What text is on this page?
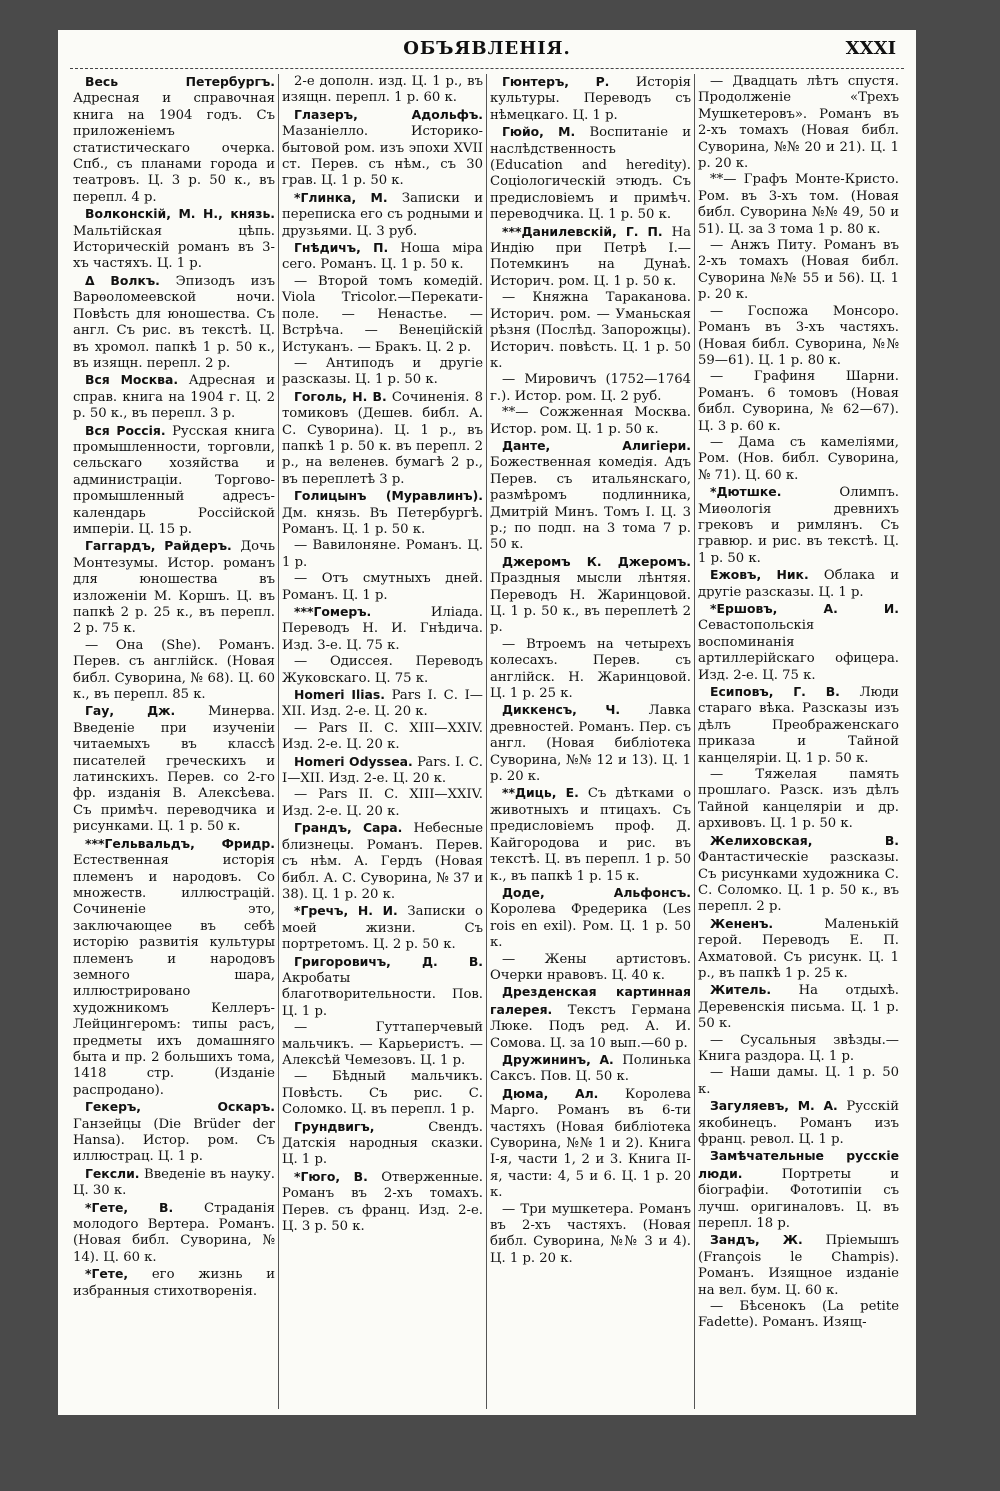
ОБЪЯВЛЕНІЯ.	XXXI

Весь Петербургъ. Адресная и справочная книга на 1904 годъ. Съ приложеніемъ статистическаго очерка. Спб., съ планами города и театровъ. Ц. 3 р. 50 к., въ перепл. 4 р.

Волконскій, М. Н., князь. Мальтійская цѣпь. Историческій романъ въ 3-хъ частяхъ. Ц. 1 р.

Δ Волкъ. Эпизодъ изъ Варѳоломеевской ночи. Повѣсть для юношества. Съ англ. Съ рис. въ текстѣ. Ц. въ хромол. папкѣ 1 р. 50 к., въ изящн. перепл. 2 р.

Вся Москва. Адресная и справ. книга на 1904 г. Ц. 2 р. 50 к., въ перепл. 3 р.

Вся Россія. Русская книга промышленности, торговли, сельскаго хозяйства и администраціи. Торгово-промышленный адресъ-календарь Россійской имперіи. Ц. 15 р.

Гаггардъ, Райдеръ. Дочь Монтезумы. Истор. романъ для юношества въ изложеніи М. Коршъ. Ц. въ папкѣ 2 р. 25 к., въ перепл. 2 р. 75 к.

— Она (She). Романъ. Перев. съ англійск. (Новая библ. Суворина, № 68). Ц. 60 к., въ перепл. 85 к.

Гау, Дж. Минерва. Введеніе при изученіи читаемыхъ въ классѣ писателей греческихъ и латинскихъ. Перев. со 2-го фр. изданія В. Алексѣева. Съ примѣч. переводчика и рисунками. Ц. 1 р. 50 к.

***Гельвальдъ, Фридр. Естественная исторія племенъ и народовъ. Со множеств. иллюстрацій. Сочиненіе это, заключающее въ себѣ исторію развитія культуры племенъ и народовъ земного шара, иллюстрировано художникомъ Келлеръ-Лейцингеромъ: типы расъ, предметы ихъ домашняго быта и пр. 2 большихъ тома, 1418 стр. (Изданіе распродано).

Гекеръ, Оскаръ. Ганзейцы (Die Brüder der Hansa). Истор. ром. Съ иллюстрац. Ц. 1 р.

Гексли. Введеніе въ науку. Ц. 30 к.

*Гете, В. Страданія молодого Вертера. Романъ. (Новая библ. Суворина, № 14). Ц. 60 к.

*Гете, его жизнь и избранныя стихотворенія.

2-е дополн. изд. Ц. 1 р., въ изящн. перепл. 1 р. 60 к.

Глазеръ, Адольфъ. Мазаніелло. Историко-бытовой ром. изъ эпохи XVII ст. Перев. съ нѣм., съ 30 грав. Ц. 1 р. 50 к.

*Глинка, М. Записки и переписка его съ родными и друзьями. Ц. 3 руб.

Гнѣдичъ, П. Ноша міра сего. Романъ. Ц. 1 р. 50 к.

— Второй томъ комедій. Viola Tricolor.—Перекати-поле. — Ненастье. — Встрѣча. — Венеційскій Истуканъ. — Бракъ. Ц. 2 р.

— Антиподъ и другіе разсказы. Ц. 1 р. 50 к.

Гоголь, Н. В. Сочиненія. 8 томиковъ (Дешев. библ. А. С. Суворина). Ц. 1 р., въ папкѣ 1 р. 50 к. въ перепл. 2 р., на веленев. бумагѣ 2 р., въ переплетѣ 3 р.

Голицынъ (Муравлинъ). Дм. князь. Въ Петербургѣ. Романъ. Ц. 1 р. 50 к.

— Вавилоняне. Романъ. Ц. 1 р.

— Отъ смутныхъ дней. Романъ. Ц. 1 р.

***Гомеръ.	Иліада. Переводъ Н. И. Гнѣдича. Изд. 3-е. Ц. 75 к.

— Одиссея. Переводъ Жуковскаго. Ц. 75 к.

Homeri Ilias. Pars I. С. I—XII. Изд. 2-е. Ц. 20 к.

— Pars II. С. XIII—XXIV. Изд. 2-е. Ц. 20 к.

Homeri Odyssea. Pars. I. С. I—XII. Изд. 2-е. Ц. 20 к.

— Pars II. С. XIII—XXIV. Изд. 2-е. Ц. 20 к.

Грандъ, Сара. Небесные близнецы. Романъ. Перев. съ нѣм. А. Гердъ (Новая библ. А. С. Суворина, № 37 и 38). Ц. 1 р. 20 к.

*Гречъ, Н. И. Записки о моей жизни. Съ портретомъ. Ц. 2 р. 50 к.

Григоровичъ, Д. В. Акробаты благотворительности. Пов. Ц. 1 р.

— Гуттаперчевый мальчикъ. — Карьеристъ. — Алексѣй Чемезовъ. Ц. 1 р.

— Бѣдный мальчикъ. Повѣсть. Съ рис. С. Соломко. Ц. въ перепл. 1 р.

Грундвигъ,	Свендъ. Датскія народныя сказки. Ц. 1 р.

*Гюго, В. Отверженные. Романъ въ 2-хъ томахъ. Перев. съ франц. Изд. 2-е. Ц. 3 р. 50 к.

Гюнтеръ, Р. Исторія культуры. Переводъ съ нѣмецкаго. Ц. 1 р.

Гюйо, М. Воспитаніе и наслѣдственность (Education and heredity). Соціологическій этюдъ. Съ предисловіемъ и примѣч. переводчика. Ц. 1 р. 50 к.

***Данилевскій, Г. П. На Индію при Петрѣ I.—Потемкинъ на Дунаѣ. Историч. ром. Ц. 1 р. 50 к.

— Княжна Тараканова. Историч. ром. — Уманьская рѣзня (Послѣд. Запорожцы). Историч. повѣсть. Ц. 1 р. 50 к.

— Мировичъ (1752—1764 г.). Истор. ром. Ц. 2 руб.

**— Сожженная Москва. Истор. ром. Ц. 1 р. 50 к.

Данте, Алигіери. Божественная комедія. Адъ Перев. съ итальянскаго, размѣромъ подлинника, Дмитрій Минъ. Томъ I. Ц. 3 р.; по подп. на 3 тома 7 р. 50 к.

Джеромъ К. Джеромъ. Праздныя мысли лѣнтяя. Переводъ Н. Жаринцовой. Ц. 1 р. 50 к., въ переплетѣ 2 р.

— Втроемъ на четырехъ колесахъ. Перев. съ англійск. Н. Жаринцовой. Ц. 1 р. 25 к.

Диккенсъ, Ч. Лавка древностей. Романъ. Пер. съ англ. (Новая библіотека Суворина, №№ 12 и 13). Ц. 1 р. 20 к.

**Диць, Е. Съ дѣтками о животныхъ и птицахъ. Съ предисловіемъ проф. Д. Кайгородова и рис. въ текстѣ. Ц. въ перепл. 1 р. 50 к., въ папкѣ 1 р. 15 к.

Доде, Альфонсъ. Королева Фредерика (Les rois en exil). Ром. Ц. 1 р. 50 к.

— Жены артистовъ. Очерки нравовъ. Ц. 40 к.

Дрезденская картинная галерея. Текстъ Германа Люке. Подъ ред. А. И. Сомова. Ц. за 10 вып.—60 р.

Дружининъ, А. Полинька Саксъ. Пов. Ц. 50 к.

Дюма, Ал. Королева Марго. Романъ въ 6-ти частяхъ (Новая библіотека Суворина, №№ 1 и 2). Книга I-я, части 1, 2 и 3. Книга II-я, части: 4, 5 и 6. Ц. 1 р. 20 к.

— Три мушкетера. Романъ въ 2-хъ частяхъ. (Новая библ. Суворина, №№ 3 и 4). Ц. 1 р. 20 к.

— Двадцать лѣтъ спустя. Продолженіе «Трехъ Мушкетеровъ». Романъ въ 2-хъ томахъ (Новая библ. Суворина, №№ 20 и 21). Ц. 1 р. 20 к.

**— Графъ Монте-Кристо. Ром. въ 3-хъ том. (Новая библ. Суворина №№ 49, 50 и 51). Ц. за 3 тома 1 р. 80 к.

— Анжъ Питу. Романъ въ 2-хъ томахъ (Новая библ. Суворина №№ 55 и 56). Ц. 1 р. 20 к.

— Госпожа Монсоро. Романъ въ 3-хъ частяхъ. (Новая библ. Суворина, №№ 59—61). Ц. 1 р. 80 к.

— Графиня Шарни. Романъ. 6 томовъ (Новая библ. Суворина, № 62—67). Ц. 3 р. 60 к.

— Дама съ камеліями, Ром. (Нов. библ. Суворина, № 71). Ц. 60 к.

*Дютшке.	Олимпъ. Миѳологія древнихъ грековъ и римлянъ. Съ гравюр. и рис. въ текстѣ. Ц. 1 р. 50 к.

Ежовъ, Ник. Облака и другіе разсказы. Ц. 1 р.

*Ершовъ, А. И. Севастопольскія воспоминанія артиллерійскаго офицера. Изд. 2-е. Ц. 75 к.

Есиповъ, Г. В. Люди стараго вѣка. Разсказы изъ дѣлъ Преображенскаго приказа и Тайной канцеляріи. Ц. 1 р. 50 к.

— Тяжелая память прошлаго. Разск. изъ дѣлъ Тайной канцеляріи и др. архивовъ. Ц. 1 р. 50 к.

Желиховская, В. Фантастическіе разсказы. Съ рисунками художника С. С. Соломко. Ц. 1 р. 50 к., въ перепл. 2 р.

Жененъ.	Маленькій герой. Переводъ Е. П. Ахматовой. Съ рисунк. Ц. 1 р., въ папкѣ 1 р. 25 к.

Житель. На отдыхѣ. Деревенскія письма. Ц. 1 р. 50 к.

— Сусальныя звѣзды.—Книга раздора. Ц. 1 р.

— Наши дамы. Ц. 1 р. 50 к.

Загуляевъ, М. А. Русскій якобинецъ. Романъ изъ франц. револ. Ц. 1 р.

Замѣчательные русскіе люди.	Портреты и біографіи. Фототипіи съ лучш. оригиналовъ. Ц. въ перепл. 18 р.

Зандъ, Ж. Пріемышъ (François le Champis). Романъ. Изящное изданіе на вел. бум. Ц. 60 к.

— Бѣсенокъ (La petite Fadette). Романъ. Изящ-
